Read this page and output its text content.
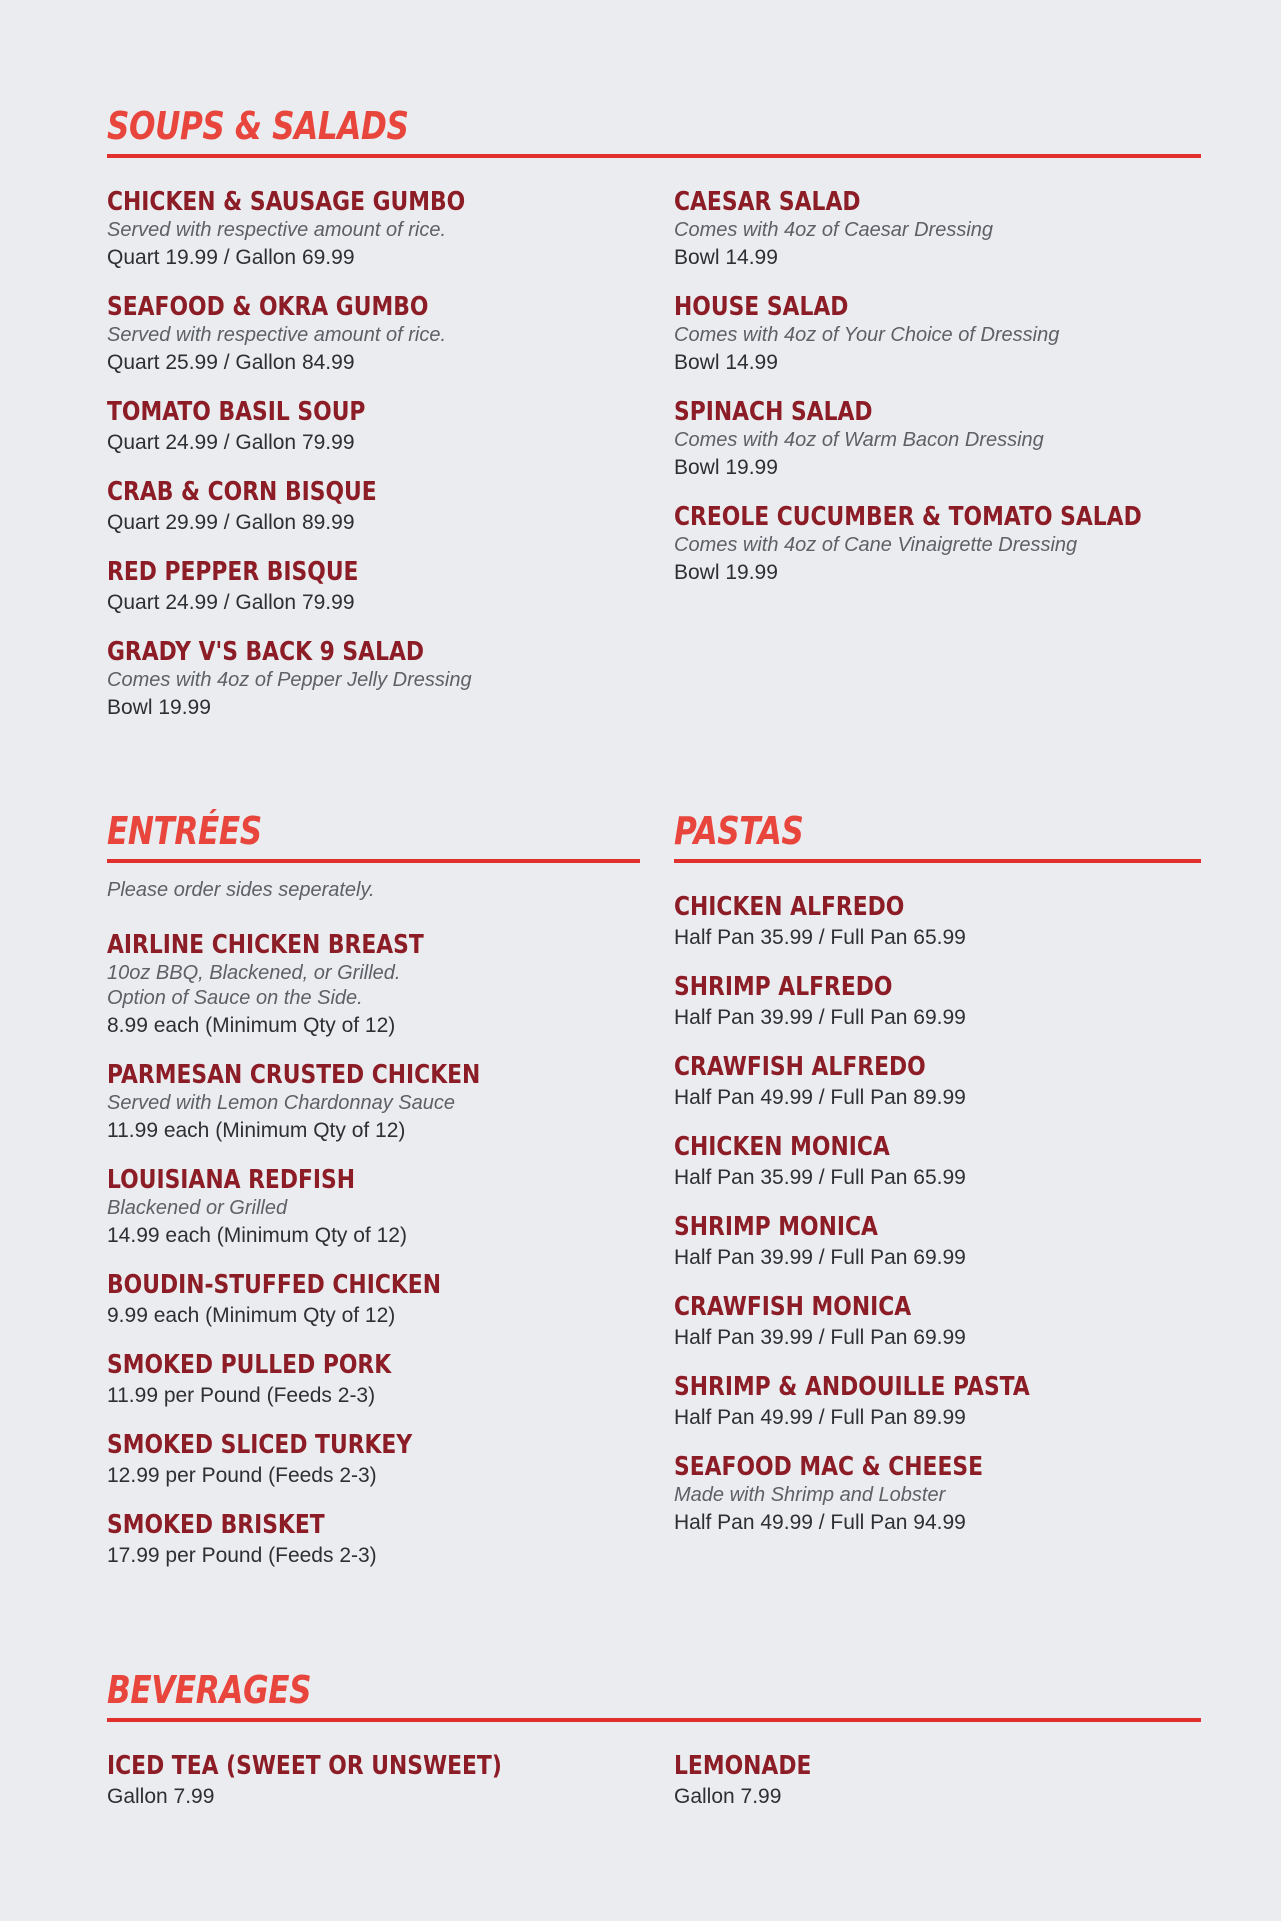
SOUPS & SALADS
CHICKEN & SAUSAGE GUMBO
Served with respective amount of rice.
Quart 19.99 / Gallon 69.99
SEAFOOD & OKRA GUMBO
Served with respective amount of rice.
Quart 25.99 / Gallon 84.99
TOMATO BASIL SOUP
Quart 24.99 / Gallon 79.99
CRAB & CORN BISQUE
Quart 29.99 / Gallon 89.99
RED PEPPER BISQUE
Quart 24.99 / Gallon 79.99
GRADY V'S BACK 9 SALAD
Comes with 4oz of Pepper Jelly Dressing
Bowl 19.99
CAESAR SALAD
Comes with 4oz of Caesar Dressing
Bowl 14.99
HOUSE SALAD
Comes with 4oz of Your Choice of Dressing
Bowl 14.99
SPINACH SALAD
Comes with 4oz of Warm Bacon Dressing
Bowl 19.99
CREOLE CUCUMBER & TOMATO SALAD
Comes with 4oz of Cane Vinaigrette Dressing
Bowl 19.99
ENTRÉES
Please order sides seperately.
AIRLINE CHICKEN BREAST
10oz BBQ, Blackened, or Grilled.
Option of Sauce on the Side.
8.99 each (Minimum Qty of 12)
PARMESAN CRUSTED CHICKEN
Served with Lemon Chardonnay Sauce
11.99 each (Minimum Qty of 12)
LOUISIANA REDFISH
Blackened or Grilled
14.99 each (Minimum Qty of 12)
BOUDIN-STUFFED CHICKEN
9.99 each (Minimum Qty of 12)
SMOKED PULLED PORK
11.99 per Pound (Feeds 2-3)
SMOKED SLICED TURKEY
12.99 per Pound (Feeds 2-3)
SMOKED BRISKET
17.99 per Pound (Feeds 2-3)
PASTAS
CHICKEN ALFREDO
Half Pan 35.99 / Full Pan 65.99
SHRIMP ALFREDO
Half Pan 39.99 / Full Pan 69.99
CRAWFISH ALFREDO
Half Pan 49.99 / Full Pan 89.99
CHICKEN MONICA
Half Pan 35.99 / Full Pan 65.99
SHRIMP MONICA
Half Pan 39.99 / Full Pan 69.99
CRAWFISH MONICA
Half Pan 39.99 / Full Pan 69.99
SHRIMP & ANDOUILLE PASTA
Half Pan 49.99 / Full Pan 89.99
SEAFOOD MAC & CHEESE
Made with Shrimp and Lobster
Half Pan 49.99 / Full Pan 94.99
BEVERAGES
ICED TEA (SWEET OR UNSWEET)
Gallon 7.99
LEMONADE
Gallon 7.99
